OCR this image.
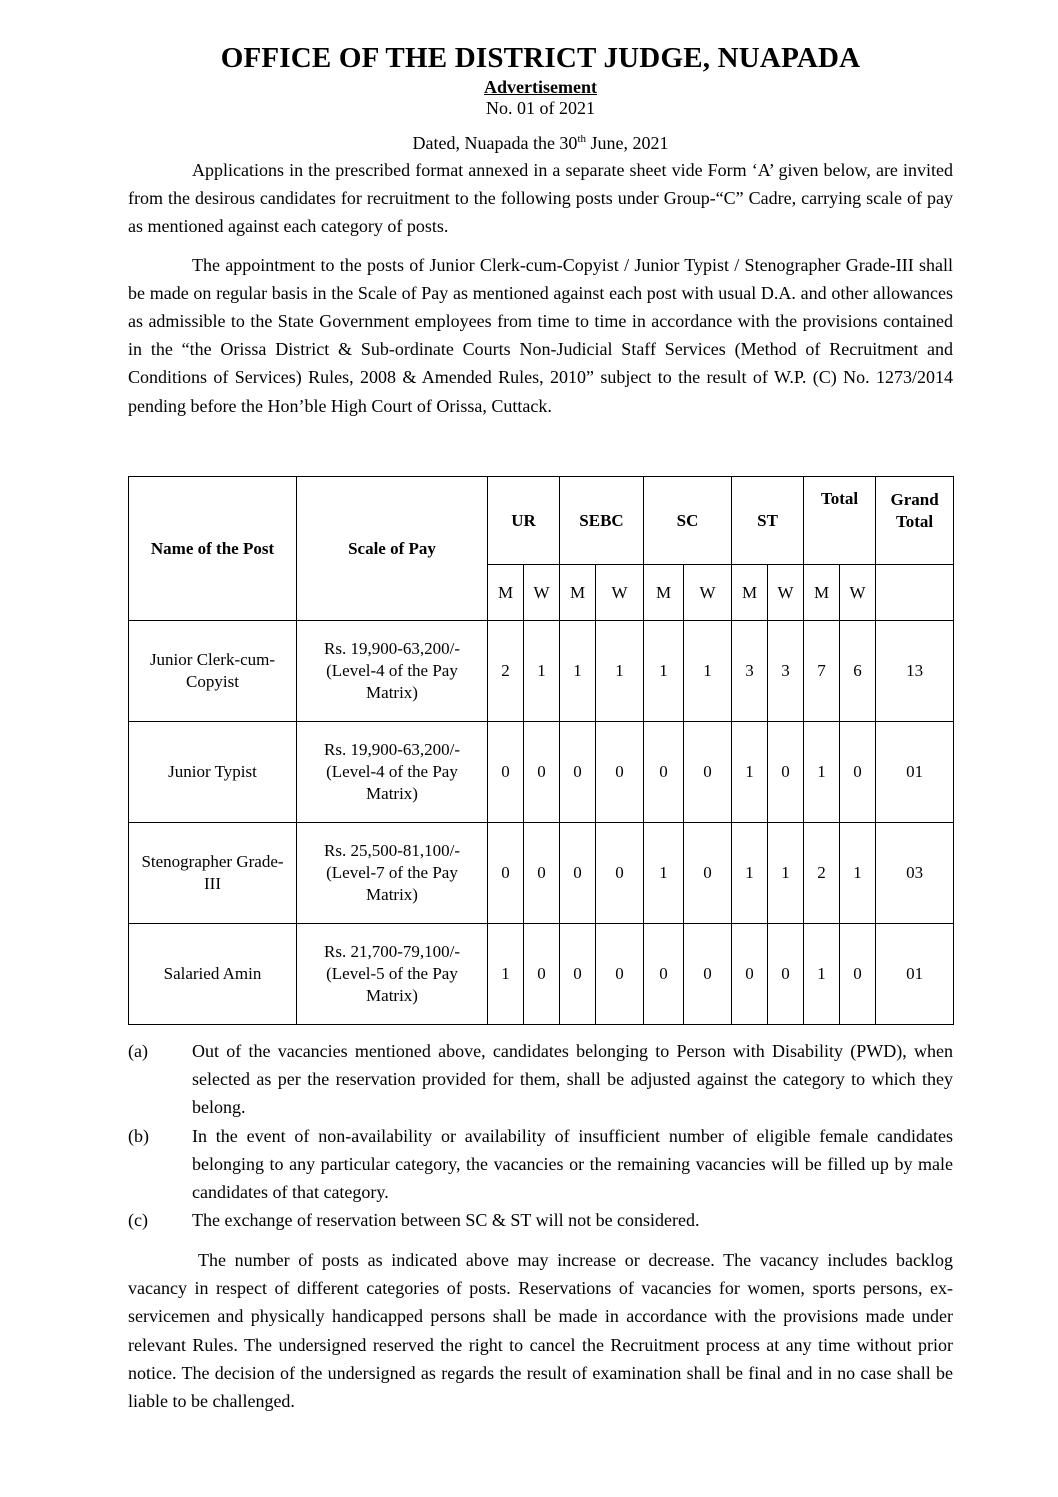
OFFICE OF THE DISTRICT JUDGE, NUAPADA
Advertisement
No. 01 of 2021
Dated, Nuapada the 30th June, 2021

Applications in the prescribed format annexed in a separate sheet vide Form ‘A’ given below, are invited from the desirous candidates for recruitment to the following posts under Group-“C” Cadre, carrying scale of pay as mentioned against each category of posts.

The appointment to the posts of Junior Clerk-cum-Copyist / Junior Typist / Stenographer Grade-III shall be made on regular basis in the Scale of Pay as mentioned against each post with usual D.A. and other allowances as admissible to the State Government employees from time to time in accordance with the provisions contained in the “the Orissa District & Sub-ordinate Courts Non-Judicial Staff Services (Method of Recruitment and Conditions of Services) Rules, 2008 & Amended Rules, 2010” subject to the result of W.P. (C) No. 1273/2014 pending before the Hon’ble High Court of Orissa, Cuttack.

Name of the Post	Scale of Pay	UR		SEBC		SC		ST		Total		Grand
Total
		M	W	M	W	M	W	M	W	M	W	
Junior Clerk-cum-Copyist	Rs. 19,900-63,200/- (Level-4 of the Pay Matrix)	2	1	1	1	1	1	3	3	7	6	13
Junior Typist	Rs. 19,900-63,200/- (Level-4 of the Pay Matrix)	0	0	0	0	0	0	1	0	1	0	01
Stenographer Grade-III	Rs. 25,500-81,100/- (Level-7 of the Pay Matrix)	0	0	0	0	1	0	1	1	2	1	03
Salaried Amin	Rs. 21,700-79,100/- (Level-5 of the Pay Matrix)	1	0	0	0	0	0	0	0	1	0	01
(a)	Out of the vacancies mentioned above, candidates belonging to Person with Disability (PWD), when selected as per the reservation provided for them, shall be adjusted against the category to which they belong.
(b)	In the event of non-availability or availability of insufficient number of eligible female candidates belonging to any particular category, the vacancies or the remaining vacancies will be filled up by male candidates of that category.
(c)	The exchange of reservation between SC & ST will not be considered.

The number of posts as indicated above may increase or decrease. The vacancy includes backlog vacancy in respect of different categories of posts. Reservations of vacancies for women, sports persons, ex-servicemen and physically handicapped persons shall be made in accordance with the provisions made under relevant Rules. The undersigned reserved the right to cancel the Recruitment process at any time without prior notice. The decision of the undersigned as regards the result of examination shall be final and in no case shall be liable to be challenged.
